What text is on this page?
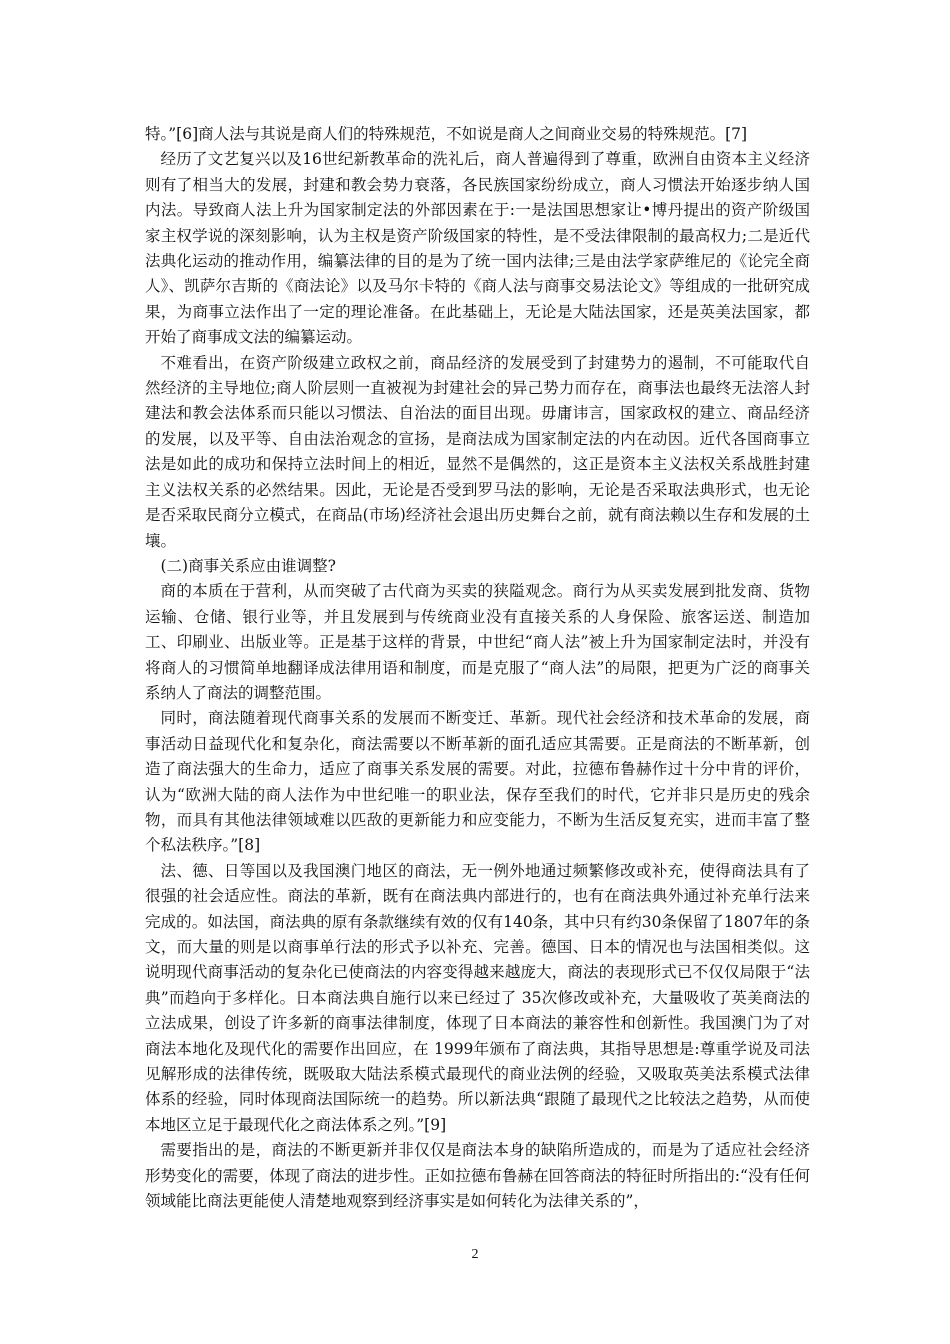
特。”[6]商人法与其说是商人们的特殊规范，不如说是商人之间商业交易的特殊规范。[7]

经历了文艺复兴以及16世纪新教革命的洗礼后，商人普遍得到了尊重，欧洲自由资本主义经济则有了相当大的发展，封建和教会势力衰落，各民族国家纷纷成立，商人习惯法开始逐步纳人国内法。导致商人法上升为国家制定法的外部因素在于:一是法国思想家让•博丹提出的资产阶级国家主权学说的深刻影响，认为主权是资产阶级国家的特性，是不受法律限制的最高权力;二是近代法典化运动的推动作用，编纂法律的目的是为了统一国内法律;三是由法学家萨维尼的《论完全商人》、凯萨尔吉斯的《商法论》以及马尔卡特的《商人法与商事交易法论文》等组成的一批研究成果，为商事立法作出了一定的理论准备。在此基础上，无论是大陆法国家，还是英美法国家，都开始了商事成文法的编纂运动。

不难看出，在资产阶级建立政权之前，商品经济的发展受到了封建势力的遏制，不可能取代自然经济的主导地位;商人阶层则一直被视为封建社会的异己势力而存在，商事法也最终无法溶人封建法和教会法体系而只能以习惯法、自治法的面目出现。毋庸讳言，国家政权的建立、商品经济的发展，以及平等、自由法治观念的宣扬，是商法成为国家制定法的内在动因。近代各国商事立法是如此的成功和保持立法时间上的相近，显然不是偶然的，这正是资本主义法权关系战胜封建主义法权关系的必然结果。因此，无论是否受到罗马法的影响，无论是否采取法典形式，也无论是否采取民商分立模式，在商品(市场)经济社会退出历史舞台之前，就有商法赖以生存和发展的土壤。

(二)商事关系应由谁调整?

商的本质在于营利，从而突破了古代商为买卖的狭隘观念。商行为从买卖发展到批发商、货物运输、仓储、银行业等，并且发展到与传统商业没有直接关系的人身保险、旅客运送、制造加工、印刷业、出版业等。正是基于这样的背景，中世纪“商人法”被上升为国家制定法时，并没有将商人的习惯简单地翻译成法律用语和制度，而是克服了“商人法”的局限，把更为广泛的商事关系纳人了商法的调整范围。

同时，商法随着现代商事关系的发展而不断变迁、革新。现代社会经济和技术革命的发展，商事活动日益现代化和复杂化，商法需要以不断革新的面孔适应其需要。正是商法的不断革新，创造了商法强大的生命力，适应了商事关系发展的需要。对此，拉德布鲁赫作过十分中肯的评价，认为“欧洲大陆的商人法作为中世纪唯一的职业法，保存至我们的时代，它并非只是历史的残余物，而具有其他法律领域难以匹敌的更新能力和应变能力，不断为生活反复充实，进而丰富了整个私法秩序。”[8]

法、德、日等国以及我国澳门地区的商法，无一例外地通过频繁修改或补充，使得商法具有了很强的社会适应性。商法的革新，既有在商法典内部进行的，也有在商法典外通过补充单行法来完成的。如法国，商法典的原有条款继续有效的仅有140条，其中只有约30条保留了1807年的条文，而大量的则是以商事单行法的形式予以补充、完善。德国、日本的情况也与法国相类似。这说明现代商事活动的复杂化已使商法的内容变得越来越庞大，商法的表现形式已不仅仅局限于“法典”而趋向于多样化。日本商法典自施行以来已经过了 35次修改或补充，大量吸收了英美商法的立法成果，创设了许多新的商事法律制度，体现了日本商法的兼容性和创新性。我国澳门为了对商法本地化及现代化的需要作出回应，在 1999年颁布了商法典，其指导思想是:尊重学说及司法见解形成的法律传统，既吸取大陆法系模式最现代的商业法例的经验，又吸取英美法系模式法律体系的经验，同时体现商法国际统一的趋势。所以新法典“跟随了最现代之比较法之趋势，从而使本地区立足于最现代化之商法体系之列。”[9]

需要指出的是，商法的不断更新并非仅仅是商法本身的缺陷所造成的，而是为了适应社会经济形势变化的需要，体现了商法的进步性。正如拉德布鲁赫在回答商法的特征时所指出的:“没有任何领域能比商法更能使人清楚地观察到经济事实是如何转化为法律关系的”，

2
